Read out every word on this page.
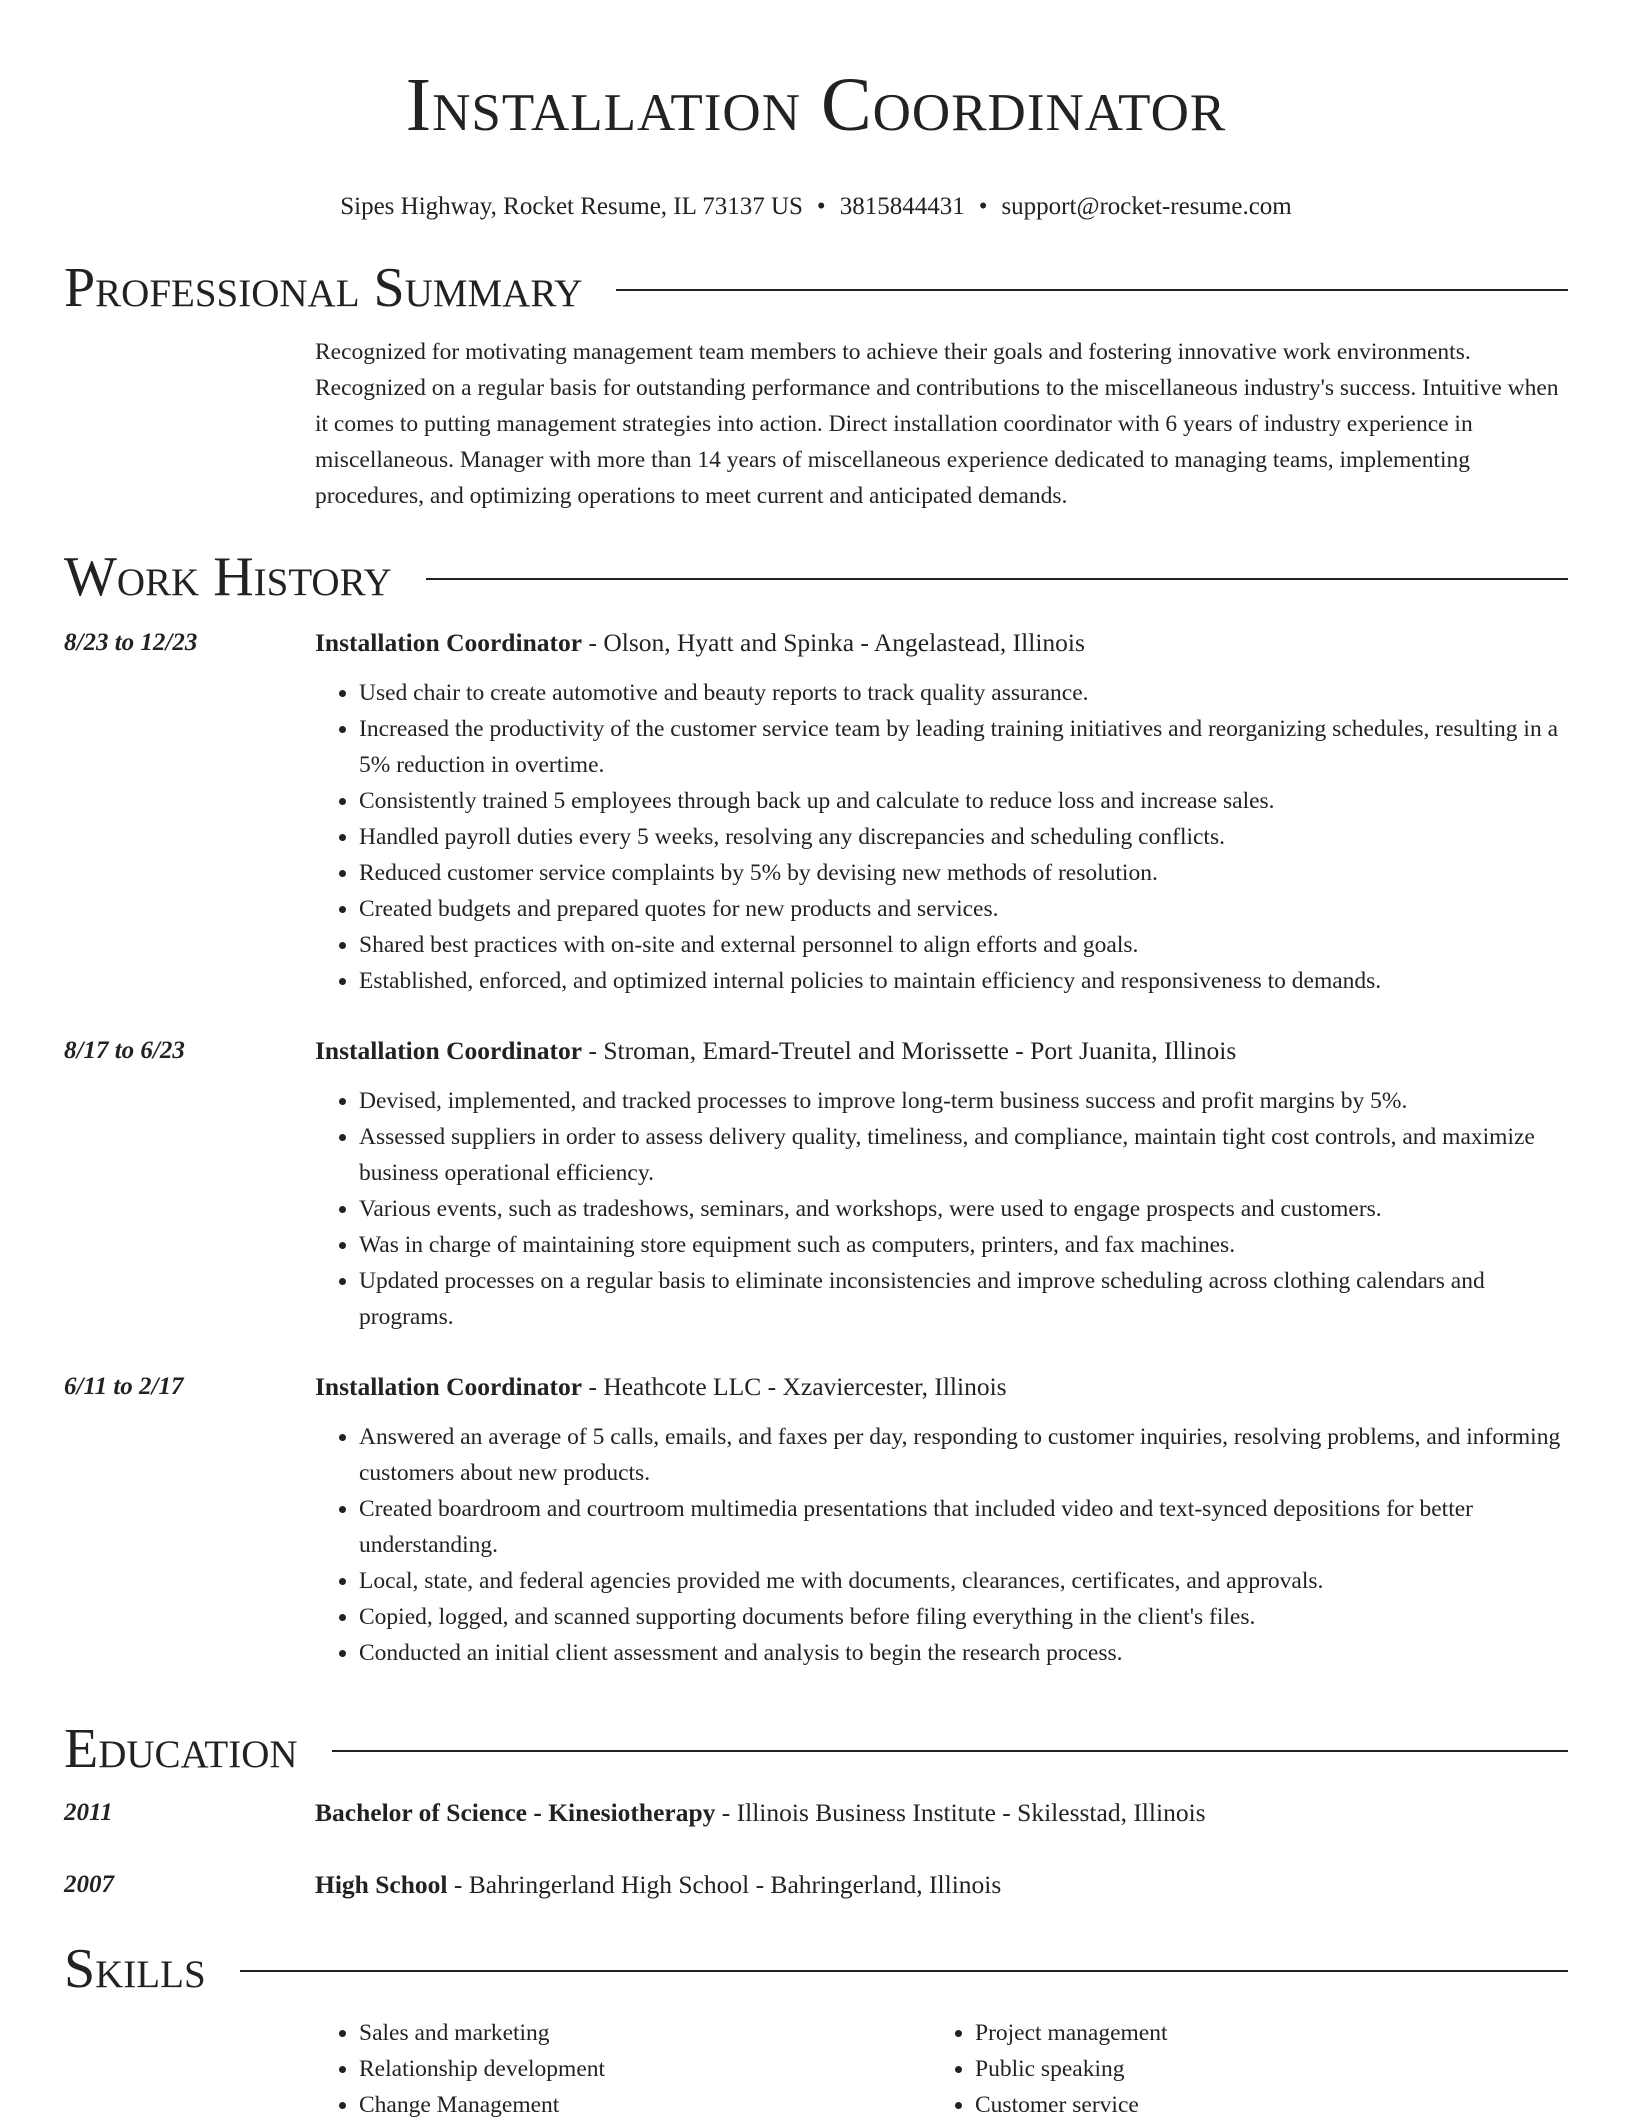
Installation Coordinator
Sipes Highway, Rocket Resume, IL 73137 US • 3815844431 • support@rocket-resume.com
Professional Summary
Recognized for motivating management team members to achieve their goals and fostering innovative work environments. Recognized on a regular basis for outstanding performance and contributions to the miscellaneous industry's success. Intuitive when it comes to putting management strategies into action. Direct installation coordinator with 6 years of industry experience in miscellaneous. Manager with more than 14 years of miscellaneous experience dedicated to managing teams, implementing procedures, and optimizing operations to meet current and anticipated demands.
Work History
8/23 to 12/23	Installation Coordinator - Olson, Hyatt and Spinka - Angelastead, Illinois
• Used chair to create automotive and beauty reports to track quality assurance.
• Increased the productivity of the customer service team by leading training initiatives and reorganizing schedules, resulting in a 5% reduction in overtime.
• Consistently trained 5 employees through back up and calculate to reduce loss and increase sales.
• Handled payroll duties every 5 weeks, resolving any discrepancies and scheduling conflicts.
• Reduced customer service complaints by 5% by devising new methods of resolution.
• Created budgets and prepared quotes for new products and services.
• Shared best practices with on-site and external personnel to align efforts and goals.
• Established, enforced, and optimized internal policies to maintain efficiency and responsiveness to demands.
8/17 to 6/23	Installation Coordinator - Stroman, Emard-Treutel and Morissette - Port Juanita, Illinois
• Devised, implemented, and tracked processes to improve long-term business success and profit margins by 5%.
• Assessed suppliers in order to assess delivery quality, timeliness, and compliance, maintain tight cost controls, and maximize business operational efficiency.
• Various events, such as tradeshows, seminars, and workshops, were used to engage prospects and customers.
• Was in charge of maintaining store equipment such as computers, printers, and fax machines.
• Updated processes on a regular basis to eliminate inconsistencies and improve scheduling across clothing calendars and programs.
6/11 to 2/17	Installation Coordinator - Heathcote LLC - Xzaviercester, Illinois
• Answered an average of 5 calls, emails, and faxes per day, responding to customer inquiries, resolving problems, and informing customers about new products.
• Created boardroom and courtroom multimedia presentations that included video and text-synced depositions for better understanding.
• Local, state, and federal agencies provided me with documents, clearances, certificates, and approvals.
• Copied, logged, and scanned supporting documents before filing everything in the client's files.
• Conducted an initial client assessment and analysis to begin the research process.
Education
2011	Bachelor of Science - Kinesiotherapy - Illinois Business Institute - Skilesstad, Illinois
2007	High School - Bahringerland High School - Bahringerland, Illinois
Skills
• Sales and marketing
• Relationship development
• Change Management
• Project management
• Public speaking
• Customer service
